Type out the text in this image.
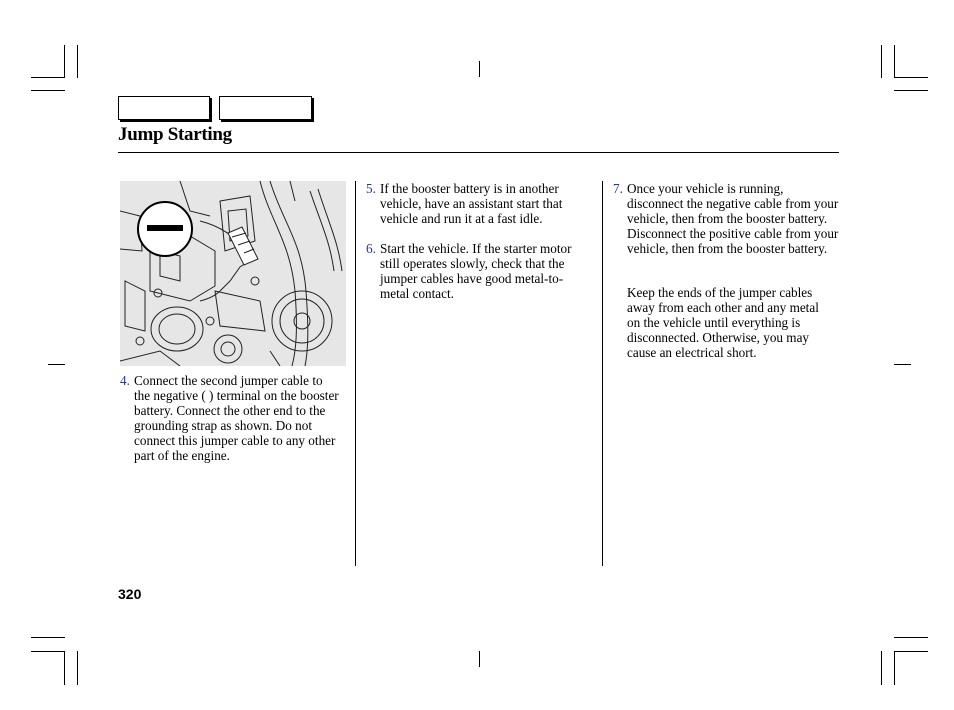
Jump Starting
4. Connect the second jumper cable to the negative ( ) terminal on the booster battery. Connect the other end to the grounding strap as shown. Do not connect this jumper cable to any other part of the engine.
5. If the booster battery is in another vehicle, have an assistant start that vehicle and run it at a fast idle.
6. Start the vehicle. If the starter motor still operates slowly, check that the jumper cables have good metal-to-metal contact.
7. Once your vehicle is running, disconnect the negative cable from your vehicle, then from the booster battery. Disconnect the positive cable from your vehicle, then from the booster battery.
Keep the ends of the jumper cables away from each other and any metal on the vehicle until everything is disconnected. Otherwise, you may cause an electrical short.
320
